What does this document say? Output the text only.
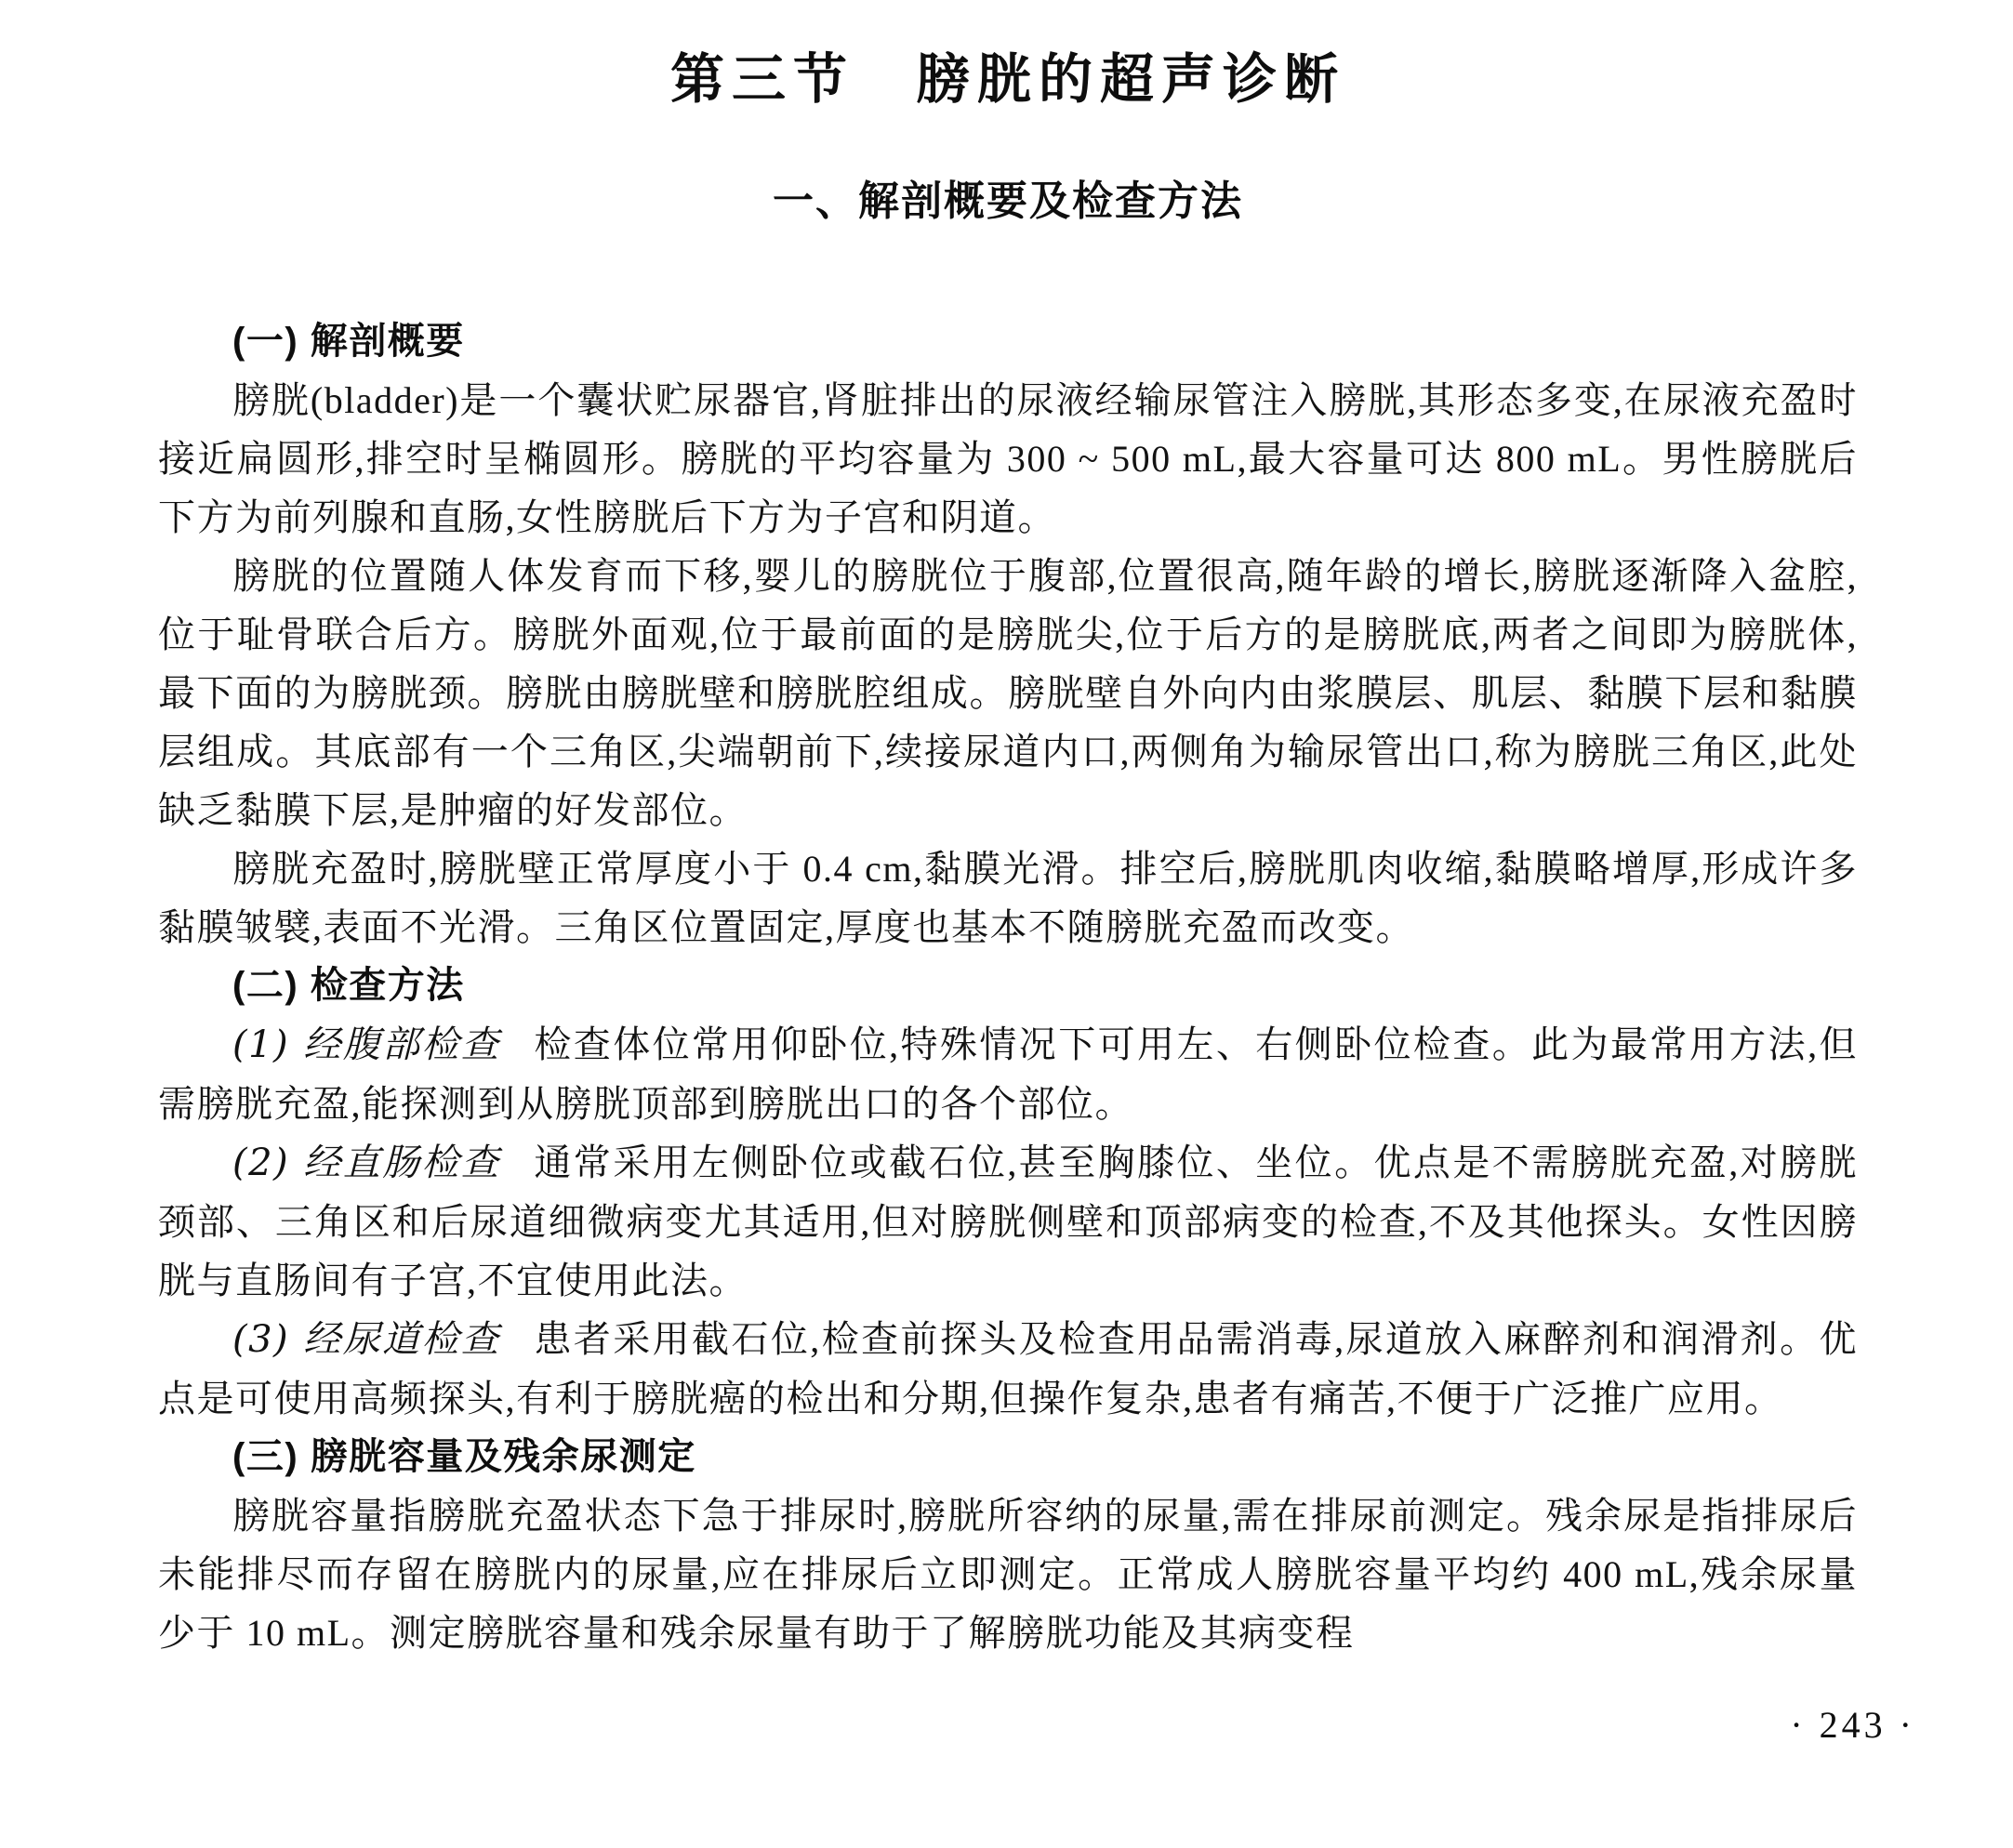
第三节　膀胱的超声诊断
一、解剖概要及检查方法

(一) 解剖概要

膀胱(bladder)是一个囊状贮尿器官,肾脏排出的尿液经输尿管注入膀胱,其形态多变,在尿液充盈时接近扁圆形,排空时呈椭圆形。膀胱的平均容量为 300 ~ 500 mL,最大容量可达 800 mL。男性膀胱后下方为前列腺和直肠,女性膀胱后下方为子宫和阴道。

膀胱的位置随人体发育而下移,婴儿的膀胱位于腹部,位置很高,随年龄的增长,膀胱逐渐降入盆腔,位于耻骨联合后方。膀胱外面观,位于最前面的是膀胱尖,位于后方的是膀胱底,两者之间即为膀胱体,最下面的为膀胱颈。膀胱由膀胱壁和膀胱腔组成。膀胱壁自外向内由浆膜层、肌层、黏膜下层和黏膜层组成。其底部有一个三角区,尖端朝前下,续接尿道内口,两侧角为输尿管出口,称为膀胱三角区,此处缺乏黏膜下层,是肿瘤的好发部位。

膀胱充盈时,膀胱壁正常厚度小于 0.4 cm,黏膜光滑。排空后,膀胱肌肉收缩,黏膜略增厚,形成许多黏膜皱襞,表面不光滑。三角区位置固定,厚度也基本不随膀胱充盈而改变。

(二) 检查方法

(1) 经腹部检查 检查体位常用仰卧位,特殊情况下可用左、右侧卧位检查。此为最常用方法,但需膀胱充盈,能探测到从膀胱顶部到膀胱出口的各个部位。

(2) 经直肠检查 通常采用左侧卧位或截石位,甚至胸膝位、坐位。优点是不需膀胱充盈,对膀胱颈部、三角区和后尿道细微病变尤其适用,但对膀胱侧壁和顶部病变的检查,不及其他探头。女性因膀胱与直肠间有子宫,不宜使用此法。

(3) 经尿道检查 患者采用截石位,检查前探头及检查用品需消毒,尿道放入麻醉剂和润滑剂。优点是可使用高频探头,有利于膀胱癌的检出和分期,但操作复杂,患者有痛苦,不便于广泛推广应用。

(三) 膀胱容量及残余尿测定

膀胱容量指膀胱充盈状态下急于排尿时,膀胱所容纳的尿量,需在排尿前测定。残余尿是指排尿后未能排尽而存留在膀胱内的尿量,应在排尿后立即测定。正常成人膀胱容量平均约 400 mL,残余尿量少于 10 mL。测定膀胱容量和残余尿量有助于了解膀胱功能及其病变程

· 243 ·
